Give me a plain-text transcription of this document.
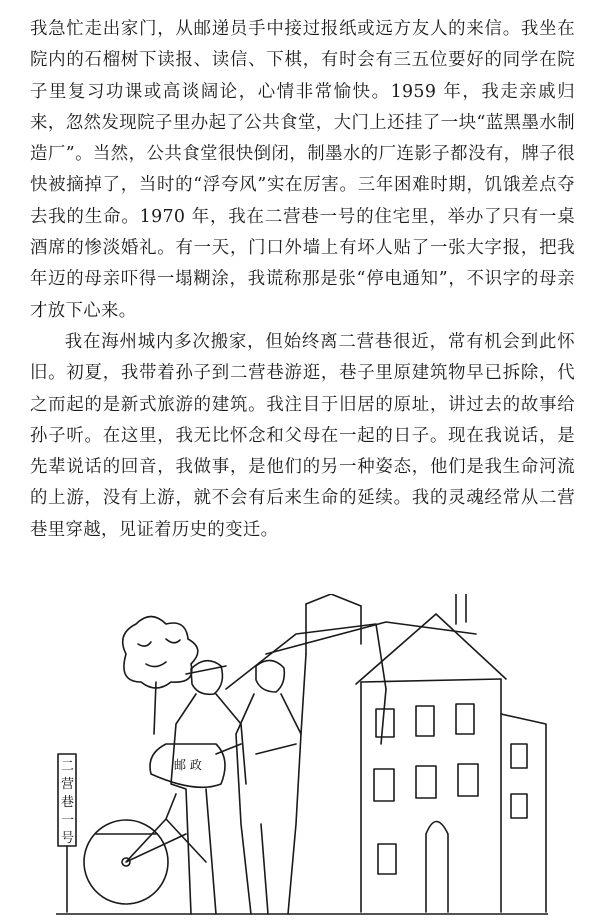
我急忙走出家门，从邮递员手中接过报纸或远方友人的来信。我坐在院内的石榴树下读报、读信、下棋，有时会有三五位要好的同学在院子里复习功课或高谈阔论，心情非常愉快。1959 年，我走亲戚归来，忽然发现院子里办起了公共食堂，大门上还挂了一块“蓝黑墨水制造厂”。当然，公共食堂很快倒闭，制墨水的厂连影子都没有，牌子很快被摘掉了，当时的“浮夸风”实在厉害。三年困难时期，饥饿差点夺去我的生命。1970 年，我在二营巷一号的住宅里，举办了只有一桌酒席的惨淡婚礼。有一天，门口外墙上有坏人贴了一张大字报，把我年迈的母亲吓得一塌糊涂，我谎称那是张“停电通知”，不识字的母亲才放下心来。

我在海州城内多次搬家，但始终离二营巷很近，常有机会到此怀旧。初夏，我带着孙子到二营巷游逛，巷子里原建筑物早已拆除，代之而起的是新式旅游的建筑。我注目于旧居的原址，讲过去的故事给孙子听。在这里，我无比怀念和父母在一起的日子。现在我说话，是先辈说话的回音，我做事，是他们的另一种姿态，他们是我生命河流的上游，没有上游，就不会有后来生命的延续。我的灵魂经常从二营巷里穿越，见证着历史的变迁。

二
营
巷
一
号
邮 政
